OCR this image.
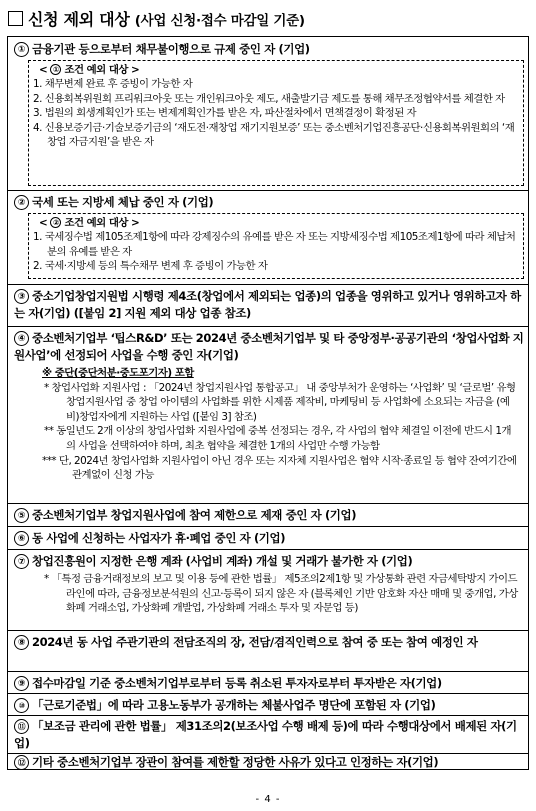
신청 제외 대상 (사업 신청·접수 마감일 기준)
① 금융기관 등으로부터 채무불이행으로 규제 중인 자 (기업)
< ① 조건 예외 대상 >
1. 채무변제 완료 후 증빙이 가능한 자
2. 신용회복위원회 프리워크아웃 또는 개인워크아웃 제도, 새출발기금 제도를 통해 채무조정협약서를 체결한 자
3. 법원의 회생계획인가 또는 변제계획인가를 받은 자, 파산절차에서 면책결정이 확정된 자
4. 신용보증기금·기술보증기금의 ‘재도전·재창업 재기지원보증’ 또는 중소벤처기업진흥공단·신용회복위원회의 ‘재창업 자금지원’을 받은 자
② 국세 또는 지방세 체납 중인 자 (기업)
< ② 조건 예외 대상 >
1. 국세징수법 제105조제1항에 따라 강제징수의 유예를 받은 자 또는 지방세징수법 제105조제1항에 따라 체납처분의 유예를 받은 자
2. 국세·지방세 등의 특수채무 변제 후 증빙이 가능한 자
③ 중소기업창업지원법 시행령 제4조(창업에서 제외되는 업종)의 업종을 영위하고 있거나 영위하고자 하는 자(기업) ([붙임 2] 지원 제외 대상 업종 참조)
④ 중소벤처기업부 ‘팁스R&D’ 또는 2024년 중소벤처기업부 및 타 중앙정부·공공기관의 ‘창업사업화 지원사업’에 선정되어 사업을 수행 중인 자(기업)
※ 중단(중단처분·중도포기자) 포함
* 창업사업화 지원사업 : 「2024년 창업지원사업 통합공고」 내 중앙부처가 운영하는 ‘사업화’ 및 ‘글로벌’ 유형 창업지원사업 중 창업 아이템의 사업화를 위한 시제품 제작비, 마케팅비 등 사업화에 소요되는 자금을 (예비)창업자에게 지원하는 사업 ([붙임 3] 참조)
** 동일년도 2개 이상의 창업사업화 지원사업에 중복 선정되는 경우, 각 사업의 협약 체결일 이전에 반드시 1개의 사업을 선택하여야 하며, 최초 협약을 체결한 1개의 사업만 수행 가능함
*** 단, 2024년 창업사업화 지원사업이 아닌 경우 또는 지자체 지원사업은 협약 시작·종료일 등 협약 잔여기간에 관계없이 신청 가능
⑤ 중소벤처기업부 창업지원사업에 참여 제한으로 제재 중인 자 (기업)
⑥ 동 사업에 신청하는 사업자가 휴·폐업 중인 자 (기업)
⑦ 창업진흥원이 지정한 은행 계좌 (사업비 계좌) 개설 및 거래가 불가한 자 (기업)
* 「특정 금융거래정보의 보고 및 이용 등에 관한 법률」 제5조의2제1항 및 가상통화 관련 자금세탁방지 가이드라인에 따라, 금융정보분석원의 신고·등록이 되지 않은 자 (블록체인 기반 암호화 자산 매매 및 중개업, 가상화폐 거래소업, 가상화폐 개발업, 가상화폐 거래소 투자 및 자문업 등)
⑧ 2024년 동 사업 주관기관의 전담조직의 장, 전담/겸직인력으로 참여 중 또는 참여 예정인 자
⑨ 접수마감일 기준 중소벤처기업부로부터 등록 취소된 투자자로부터 투자받은 자(기업)
⑩ 「근로기준법」에 따라 고용노동부가 공개하는 체불사업주 명단에 포함된 자 (기업)
⑪ 「보조금 관리에 관한 법률」 제31조의2(보조사업 수행 배제 등)에 따라 수행대상에서 배제된 자(기업)
⑫ 기타 중소벤처기업부 장관이 참여를 제한할 정당한 사유가 있다고 인정하는 자(기업)
- 4 -
